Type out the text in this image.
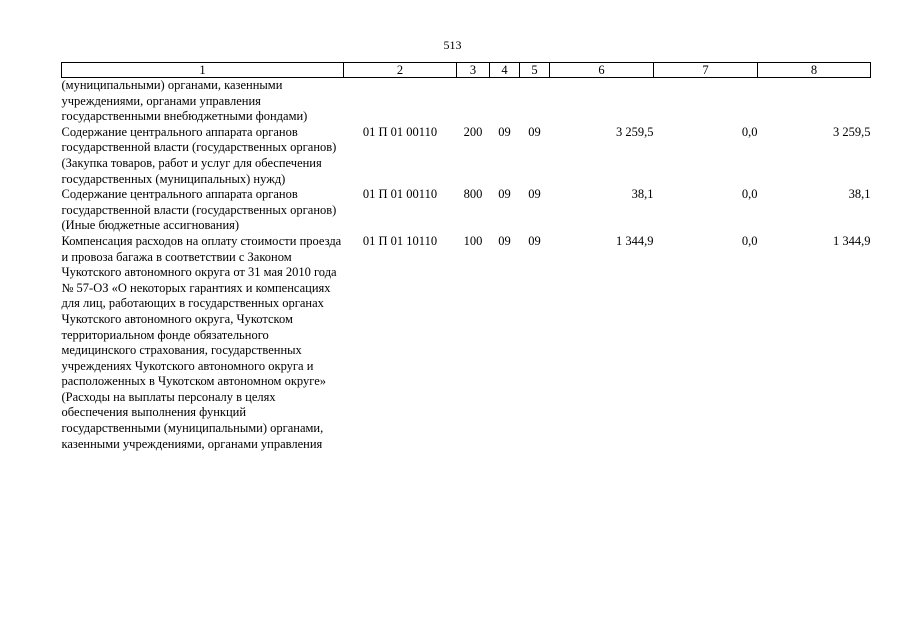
513
1	2	3	4	5	6	7	8
(муниципальными) органами, казенными учреждениями, органами управления государственными внебюджетными фондами)							
Содержание центрального аппарата органов государственной власти (государственных органов) (Закупка товаров, работ и услуг для обеспечения государственных (муниципальных) нужд)	01 П 01 00110	200	09	09	3 259,5	0,0	3 259,5
Содержание центрального аппарата органов государственной власти (государственных органов) (Иные бюджетные ассигнования)	01 П 01 00110	800	09	09	38,1	0,0	38,1
Компенсация расходов на оплату стоимости проезда и провоза багажа в соответствии с Законом Чукотского автономного округа от 31 мая 2010 года № 57-ОЗ «О некоторых гарантиях и компенсациях для лиц, работающих в государственных органах Чукотского автономного округа, Чукотском территориальном фонде обязательного медицинского страхования, государственных учреждениях Чукотского автономного округа и расположенных в Чукотском автономном округе» (Расходы на выплаты персоналу в целях обеспечения выполнения функций государственными (муниципальными) органами, казенными учреждениями, органами управления	01 П 01 10110	100	09	09	1 344,9	0,0	1 344,9
